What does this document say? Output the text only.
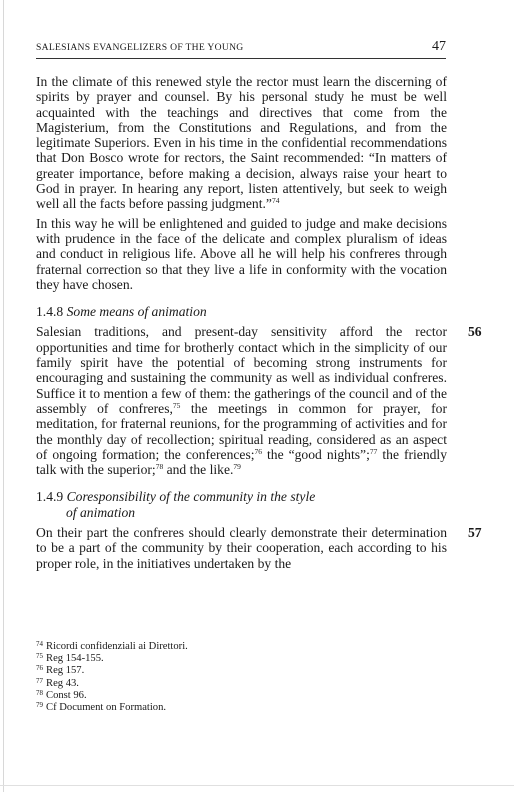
SALESIANS EVANGELIZERS OF THE YOUNG	47

In the climate of this renewed style the rector must learn the discerning of spirits by prayer and counsel. By his personal study he must be well acquainted with the teachings and directives that come from the Magisterium, from the Constitutions and Regulations, and from the legitimate Superiors. Even in his time in the confidential recommendations that Don Bosco wrote for rectors, the Saint recommended: “In matters of greater importance, before making a decision, always raise your heart to God in prayer. In hearing any report, listen attentively, but seek to weigh well all the facts before passing judgment.”$^{74}$

In this way he will be enlightened and guided to judge and make decisions with prudence in the face of the delicate and complex pluralism of ideas and conduct in religious life. Above all he will help his confreres through fraternal correction so that they live a life in conformity with the vocation they have chosen.

1.4.8 Some means of animation
56

Salesian traditions, and present-day sensitivity afford the rector opportunities and time for brotherly contact which in the simplicity of our family spirit have the potential of becoming strong instruments for encouraging and sustaining the community as well as individual confreres. Suffice it to mention a few of them: the gatherings of the council and of the assembly of confreres,$^{75}$ the meetings in common for prayer, for meditation, for fraternal reunions, for the programming of activities and for the monthly day of recollection; spiritual reading, considered as an aspect of ongoing formation; the conferences;$^{76}$ the “good nights”;$^{77}$ the friendly talk with the superior;$^{78}$ and the like.$^{79}$

1.4.9 Coresponsibility of the community in the style
of animation
57

On their part the confreres should clearly demonstrate their determination to be a part of the community by their cooperation, each according to his proper role, in the initiatives undertaken by the

$^{74}$ Ricordi confidenziali ai Direttori.
$^{75}$ Reg 154-155.
$^{76}$ Reg 157.
$^{77}$ Reg 43.
$^{78}$ Const 96.
$^{79}$ Cf Document on Formation.
